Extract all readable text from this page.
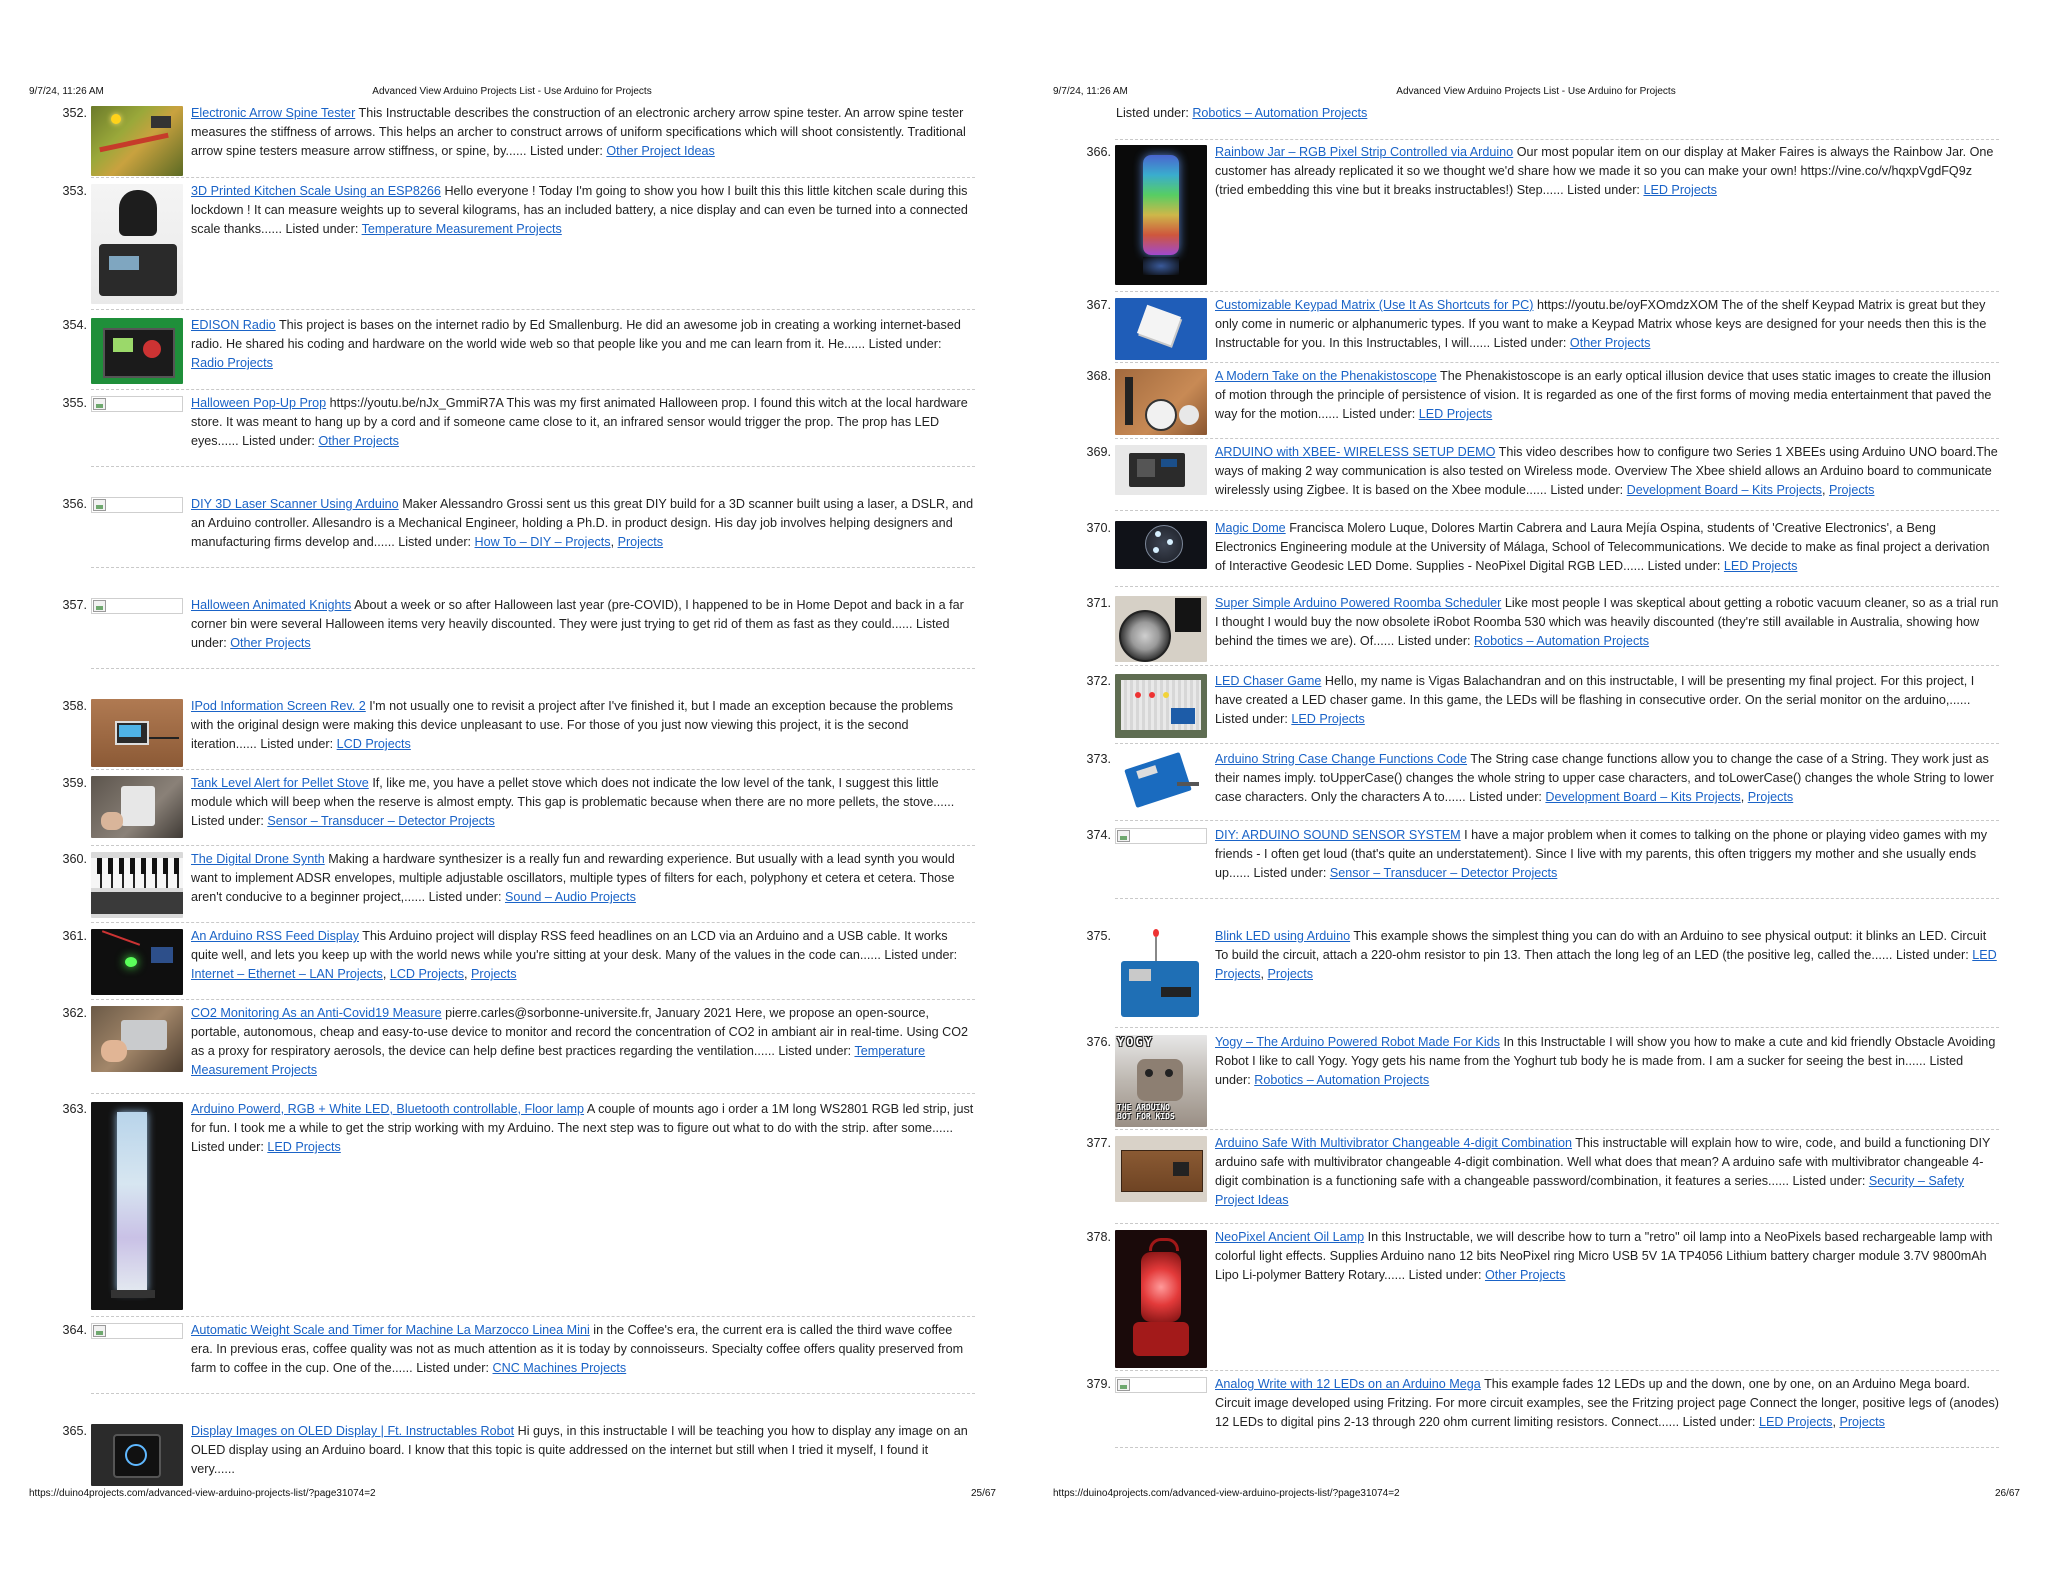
9/7/24, 11:26 AM	Advanced View Arduino Projects List - Use Arduino for Projects
352.	Electronic Arrow Spine Tester This Instructable describes the construction of an electronic archery arrow spine tester. An arrow spine tester measures the stiffness of arrows. This helps an archer to construct arrows of uniform specifications which will shoot consistently. Traditional arrow spine testers measure arrow stiffness, or spine, by...... Listed under: Other Project Ideas
353.	3D Printed Kitchen Scale Using an ESP8266 Hello everyone ! Today I'm going to show you how I built this this little kitchen scale during this lockdown ! It can measure weights up to several kilograms, has an included battery, a nice display and can even be turned into a connected scale thanks...... Listed under: Temperature Measurement Projects
354.	EDISON Radio This project is bases on the internet radio by Ed Smallenburg. He did an awesome job in creating a working internet-based radio. He shared his coding and hardware on the world wide web so that people like you and me can learn from it. He...... Listed under: Radio Projects
355.	Halloween Pop-Up Prop https://youtu.be/nJx_GmmiR7A This was my first animated Halloween prop. I found this witch at the local hardware store. It was meant to hang up by a cord and if someone came close to it, an infrared sensor would trigger the prop. The prop has LED eyes...... Listed under: Other Projects
356.	DIY 3D Laser Scanner Using Arduino Maker Alessandro Grossi sent us this great DIY build for a 3D scanner built using a laser, a DSLR, and an Arduino controller. Allesandro is a Mechanical Engineer, holding a Ph.D. in product design. His day job involves helping designers and manufacturing firms develop and...... Listed under: How To – DIY – Projects, Projects
357.	Halloween Animated Knights About a week or so after Halloween last year (pre-COVID), I happened to be in Home Depot and back in a far corner bin were several Halloween items very heavily discounted. They were just trying to get rid of them as fast as they could...... Listed under: Other Projects
358.	IPod Information Screen Rev. 2 I'm not usually one to revisit a project after I've finished it, but I made an exception because the problems with the original design were making this device unpleasant to use. For those of you just now viewing this project, it is the second iteration...... Listed under: LCD Projects
359.	Tank Level Alert for Pellet Stove If, like me, you have a pellet stove which does not indicate the low level of the tank, I suggest this little module which will beep when the reserve is almost empty. This gap is problematic because when there are no more pellets, the stove...... Listed under: Sensor – Transducer – Detector Projects
360.	The Digital Drone Synth Making a hardware synthesizer is a really fun and rewarding experience. But usually with a lead synth you would want to implement ADSR envelopes, multiple adjustable oscillators, multiple types of filters for each, polyphony et cetera et cetera. Those aren't conducive to a beginner project,...... Listed under: Sound – Audio Projects
361.	An Arduino RSS Feed Display This Arduino project will display RSS feed headlines on an LCD via an Arduino and a USB cable. It works quite well, and lets you keep up with the world news while you're sitting at your desk. Many of the values in the code can...... Listed under: Internet – Ethernet – LAN Projects, LCD Projects, Projects
362.	CO2 Monitoring As an Anti-Covid19 Measure pierre.carles@sorbonne-universite.fr, January 2021 Here, we propose an open-source, portable, autonomous, cheap and easy-to-use device to monitor and record the concentration of CO2 in ambiant air in real-time. Using CO2 as a proxy for respiratory aerosols, the device can help define best practices regarding the ventilation...... Listed under: Temperature Measurement Projects
363.	Arduino Powerd, RGB + White LED, Bluetooth controllable, Floor lamp A couple of mounts ago i order a 1M long WS2801 RGB led strip, just for fun. I took me a while to get the strip working with my Arduino. The next step was to figure out what to do with the strip. after some...... Listed under: LED Projects
364.	Automatic Weight Scale and Timer for Machine La Marzocco Linea Mini in the Coffee's era, the current era is called the third wave coffee era. In previous eras, coffee quality was not as much attention as it is today by connoisseurs. Specialty coffee offers quality preserved from farm to coffee in the cup. One of the...... Listed under: CNC Machines Projects
365.	Display Images on OLED Display | Ft. Instructables Robot Hi guys, in this instructable I will be teaching you how to display any image on an OLED display using an Arduino board. I know that this topic is quite addressed on the internet but still when I tried it myself, I found it very......
https://duino4projects.com/advanced-view-arduino-projects-list/?page31074=2	25/67
9/7/24, 11:26 AM	Advanced View Arduino Projects List - Use Arduino for Projects
Listed under: Robotics – Automation Projects
366.	Rainbow Jar – RGB Pixel Strip Controlled via Arduino Our most popular item on our display at Maker Faires is always the Rainbow Jar. One customer has already replicated it so we thought we'd share how we made it so you can make your own! https://vine.co/v/hqxpVgdFQ9z (tried embedding this vine but it breaks instructables!) Step...... Listed under: LED Projects
367.	Customizable Keypad Matrix (Use It As Shortcuts for PC) https://youtu.be/oyFXOmdzXOM The of the shelf Keypad Matrix is great but they only come in numeric or alphanumeric types. If you want to make a Keypad Matrix whose keys are designed for your needs then this is the Instructable for you. In this Instructables, I will...... Listed under: Other Projects
368.	A Modern Take on the Phenakistoscope The Phenakistoscope is an early optical illusion device that uses static images to create the illusion of motion through the principle of persistence of vision. It is regarded as one of the first forms of moving media entertainment that paved the way for the motion...... Listed under: LED Projects
369.	ARDUINO with XBEE- WIRELESS SETUP DEMO This video describes how to configure two Series 1 XBEEs using Arduino UNO board.The ways of making 2 way communication is also tested on Wireless mode. Overview The Xbee shield allows an Arduino board to communicate wirelessly using Zigbee. It is based on the Xbee module...... Listed under: Development Board – Kits Projects, Projects
370.	Magic Dome Francisca Molero Luque, Dolores Martin Cabrera and Laura Mejía Ospina, students of 'Creative Electronics', a Beng Electronics Engineering module at the University of Málaga, School of Telecommunications. We decide to make as final project a derivation of Interactive Geodesic LED Dome. Supplies - NeoPixel Digital RGB LED...... Listed under: LED Projects
371.	Super Simple Arduino Powered Roomba Scheduler Like most people I was skeptical about getting a robotic vacuum cleaner, so as a trial run I thought I would buy the now obsolete iRobot Roomba 530 which was heavily discounted (they're still available in Australia, showing how behind the times we are). Of...... Listed under: Robotics – Automation Projects
372.	LED Chaser Game Hello, my name is Vigas Balachandran and on this instructable, I will be presenting my final project. For this project, I have created a LED chaser game. In this game, the LEDs will be flashing in consecutive order. On the serial monitor on the arduino,...... Listed under: LED Projects
373.	Arduino String Case Change Functions Code The String case change functions allow you to change the case of a String. They work just as their names imply. toUpperCase() changes the whole string to upper case characters, and toLowerCase() changes the whole String to lower case characters. Only the characters A to...... Listed under: Development Board – Kits Projects, Projects
374.	DIY: ARDUINO SOUND SENSOR SYSTEM I have a major problem when it comes to talking on the phone or playing video games with my friends - I often get loud (that's quite an understatement). Since I live with my parents, this often triggers my mother and she usually ends up...... Listed under: Sensor – Transducer – Detector Projects
375.	Blink LED using Arduino This example shows the simplest thing you can do with an Arduino to see physical output: it blinks an LED. Circuit To build the circuit, attach a 220-ohm resistor to pin 13. Then attach the long leg of an LED (the positive leg, called the...... Listed under: LED Projects, Projects
376. YOGY
THE ARDUINO
BOT FOR KIDS
Yogy – The Arduino Powered Robot Made For Kids In this Instructable I will show you how to make a cute and kid friendly Obstacle Avoiding Robot I like to call Yogy. Yogy gets his name from the Yoghurt tub body he is made from. I am a sucker for seeing the best in...... Listed under: Robotics – Automation Projects
377.	Arduino Safe With Multivibrator Changeable 4-digit Combination This instructable will explain how to wire, code, and build a functioning DIY arduino safe with multivibrator changeable 4-digit combination. Well what does that mean? A arduino safe with multivibrator changeable 4-digit combination is a functioning safe with a changeable password/combination, it features a series...... Listed under: Security – Safety Project Ideas
378.	NeoPixel Ancient Oil Lamp In this Instructable, we will describe how to turn a "retro" oil lamp into a NeoPixels based rechargeable lamp with colorful light effects. Supplies Arduino nano 12 bits NeoPixel ring Micro USB 5V 1A TP4056 Lithium battery charger module 3.7V 9800mAh Lipo Li-polymer Battery Rotary...... Listed under: Other Projects
379.	Analog Write with 12 LEDs on an Arduino Mega This example fades 12 LEDs up and the down, one by one, on an Arduino Mega board. Circuit image developed using Fritzing. For more circuit examples, see the Fritzing project page Connect the longer, positive legs of (anodes) 12 LEDs to digital pins 2-13 through 220 ohm current limiting resistors. Connect...... Listed under: LED Projects, Projects
https://duino4projects.com/advanced-view-arduino-projects-list/?page31074=2	26/67
